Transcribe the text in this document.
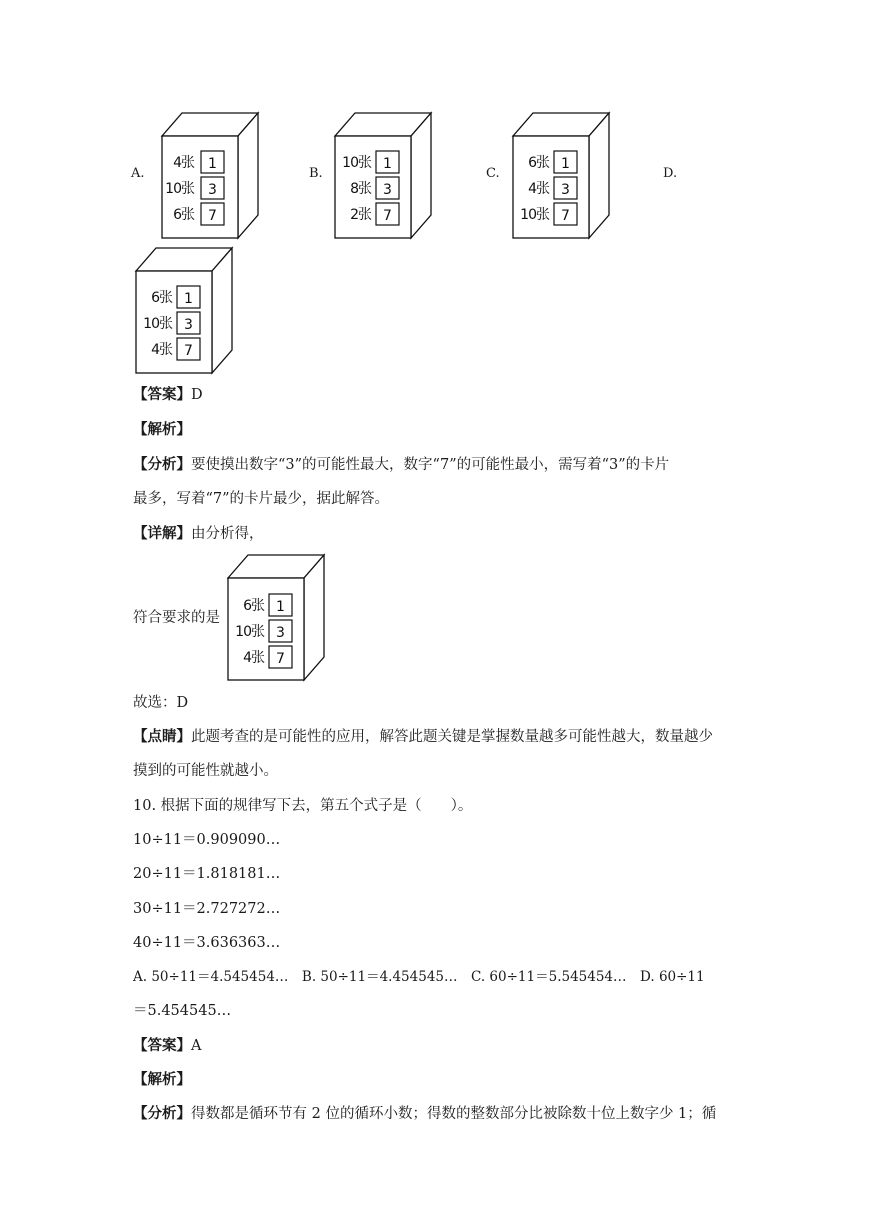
A.
4张 1
10张 3
6张 7
B.
10张 1
8张 3
2张 7
C.
6张 1
4张 3
10张 7
D.
6张 1
10张 3
4张 7
【答案】D
【解析】
【分析】要使摸出数字“3”的可能性最大，数字“7”的可能性最小，需写着“3”的卡片
最多，写着“7”的卡片最少，据此解答。
【详解】由分析得，
符合要求的是
6张 1
10张 3
4张 7
故选：D
【点睛】此题考查的是可能性的应用，解答此题关键是掌握数量越多可能性越大，数量越少
摸到的可能性就越小。
10. 根据下面的规律写下去，第五个式子是（　　）。
10÷11＝0.909090…
20÷11＝1.818181…
30÷11＝2.727272…
40÷11＝3.636363…
A. 50÷11＝4.545454…　B. 50÷11＝4.454545…　C. 60÷11＝5.545454…　D. 60÷11
＝5.454545…
【答案】A
【解析】
【分析】得数都是循环节有 2 位的循环小数；得数的整数部分比被除数十位上数字少 1；循
